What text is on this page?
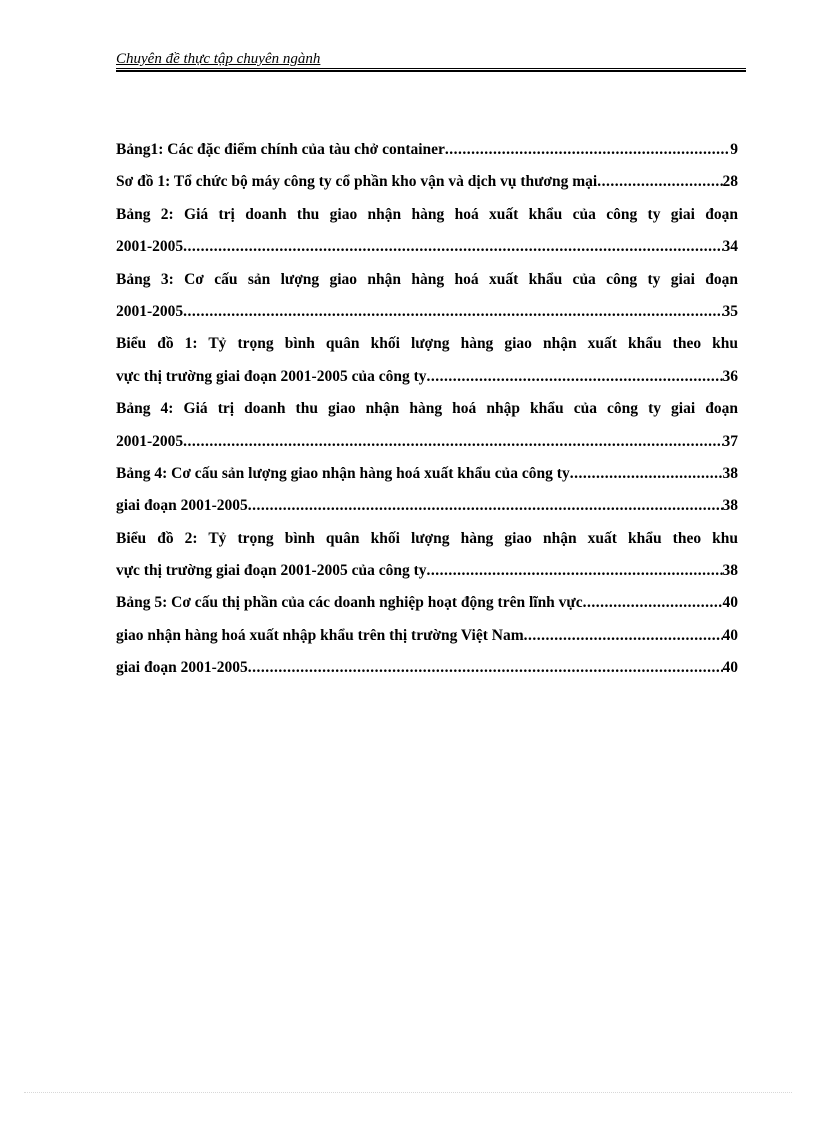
Chuyên đề thực tập chuyên ngành
Bảng1: Các đặc điểm chính của tàu chở container .....	9
Sơ đồ 1: Tổ chức bộ máy công ty cổ phần kho vận và dịch vụ thương mại .....	28
Bảng 2: Giá trị doanh thu giao nhận hàng hoá xuất khẩu của công ty giai đoạn
2001-2005 .....	34
Bảng 3: Cơ cấu sản lượng giao nhận hàng hoá xuất khẩu của công ty giai đoạn
2001-2005 .....	35
Biểu đồ 1: Tỷ trọng bình quân khối lượng hàng giao nhận xuất khẩu theo khu
vực thị trường giai đoạn 2001-2005 của công ty .....	36
Bảng 4: Giá trị doanh thu giao nhận hàng hoá nhập khẩu của công ty giai đoạn
2001-2005 .....	37
Bảng 4: Cơ cấu sản lượng giao nhận hàng hoá xuất khẩu của công ty .....	38
giai đoạn 2001-2005 .....	38
Biểu đồ 2: Tỷ trọng bình quân khối lượng hàng giao nhận xuất khẩu theo khu
vực thị trường giai đoạn 2001-2005 của công ty .....	38
Bảng 5: Cơ cấu thị phần của các doanh nghiệp hoạt động trên lĩnh vực .....	40
giao nhận hàng hoá xuất nhập khẩu trên thị trường Việt Nam .....	40
giai đoạn 2001-2005 .....	40
